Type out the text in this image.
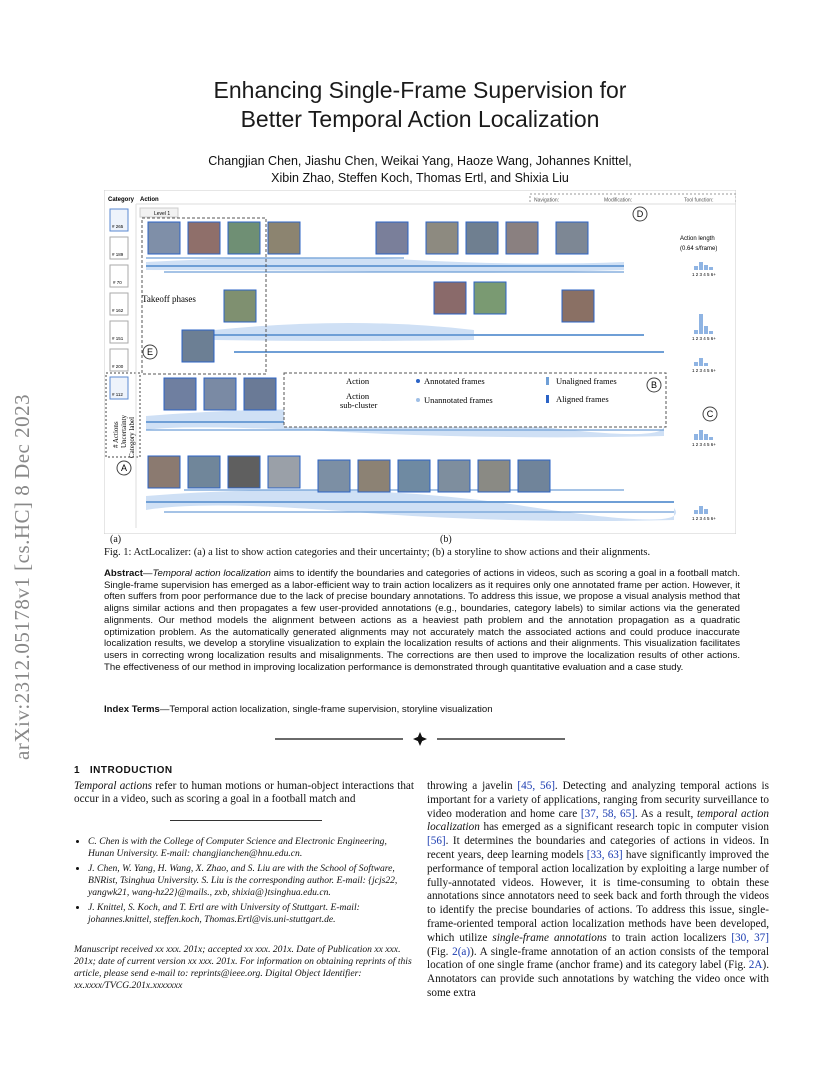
arXiv:2312.05178v1 [cs.HC] 8 Dec 2023
Enhancing Single-Frame Supervision for
Better Temporal Action Localization
Changjian Chen, Jiashu Chen, Weikai Yang, Haoze Wang, Johannes Knittel,
Xibin Zhao, Steffen Koch, Thomas Ertl, and Shixia Liu
Category Action	Navigation:	Modification:	Tool function:
Level 1
# 265
# 189
# 70
# 162
# 151
# 200
# 112
# Actions Uncertainty Category label
Takeoff phases
Action
Action
sub-cluster
Annotated frames
Unannotated frames
Unaligned frames
Aligned frames
Action length
(0.64 s/frame)
1 2 3 4 5 6+
1 2 3 4 5 6+
1 2 3 4 5 6+
1 2 3 4 5 6+
1 2 3 4 5 6+
A
B
C
D
E
(a)	(b)
Fig. 1: ActLocalizer: (a) a list to show action categories and their uncertainty; (b) a storyline to show actions and their alignments.
Abstract—Temporal action localization aims to identify the boundaries and categories of actions in videos, such as scoring a goal in a football match. Single-frame supervision has emerged as a labor-efficient way to train action localizers as it requires only one annotated frame per action. However, it often suffers from poor performance due to the lack of precise boundary annotations. To address this issue, we propose a visual analysis method that aligns similar actions and then propagates a few user-provided annotations (e.g., boundaries, category labels) to similar actions via the generated alignments. Our method models the alignment between actions as a heaviest path problem and the annotation propagation as a quadratic optimization problem. As the automatically generated alignments may not accurately match the associated actions and could produce inaccurate localization results, we develop a storyline visualization to explain the localization results of actions and their alignments. This visualization facilitates users in correcting wrong localization results and misalignments. The corrections are then used to improve the localization results of other actions. The effectiveness of our method in improving localization performance is demonstrated through quantitative evaluation and a case study.
Index Terms—Temporal action localization, single-frame supervision, storyline visualization
1 INTRODUCTION
Temporal actions refer to human motions or human-object interactions that occur in a video, such as scoring a goal in a football match and
• C. Chen is with the College of Computer Science and Electronic Engineering, Hunan University. E-mail: changjianchen@hnu.edu.cn.
• J. Chen, W. Yang, H. Wang, X. Zhao, and S. Liu are with the School of Software, BNRist, Tsinghua University. S. Liu is the corresponding author. E-mail: {jcjs22, yangwk21, wang-hz22}@mails., zxb, shixia@}tsinghua.edu.cn.
• J. Knittel, S. Koch, and T. Ertl are with University of Stuttgart. E-mail: johannes.knittel, steffen.koch, Thomas.Ertl@vis.uni-stuttgart.de.
Manuscript received xx xxx. 201x; accepted xx xxx. 201x. Date of Publication xx xxx. 201x; date of current version xx xxx. 201x. For information on obtaining reprints of this article, please send e-mail to: reprints@ieee.org. Digital Object Identifier: xx.xxxx/TVCG.201x.xxxxxxx
throwing a javelin [45, 56]. Detecting and analyzing temporal actions is important for a variety of applications, ranging from security surveillance to video moderation and home care [37, 58, 65]. As a result, temporal action localization has emerged as a significant research topic in computer vision [56]. It determines the boundaries and categories of actions in videos. In recent years, deep learning models [33, 63] have significantly improved the performance of temporal action localization by exploiting a large number of fully-annotated videos. However, it is time-consuming to obtain these annotations since annotators need to seek back and forth through the videos to identify the precise boundaries of actions. To address this issue, single-frame-oriented temporal action localization methods have been developed, which utilize single-frame annotations to train action localizers [30, 37] (Fig. 2(a)). A single-frame annotation of an action consists of the temporal location of one single frame (anchor frame) and its category label (Fig. 2A). Annotators can provide such annotations by watching the video once with some extra
